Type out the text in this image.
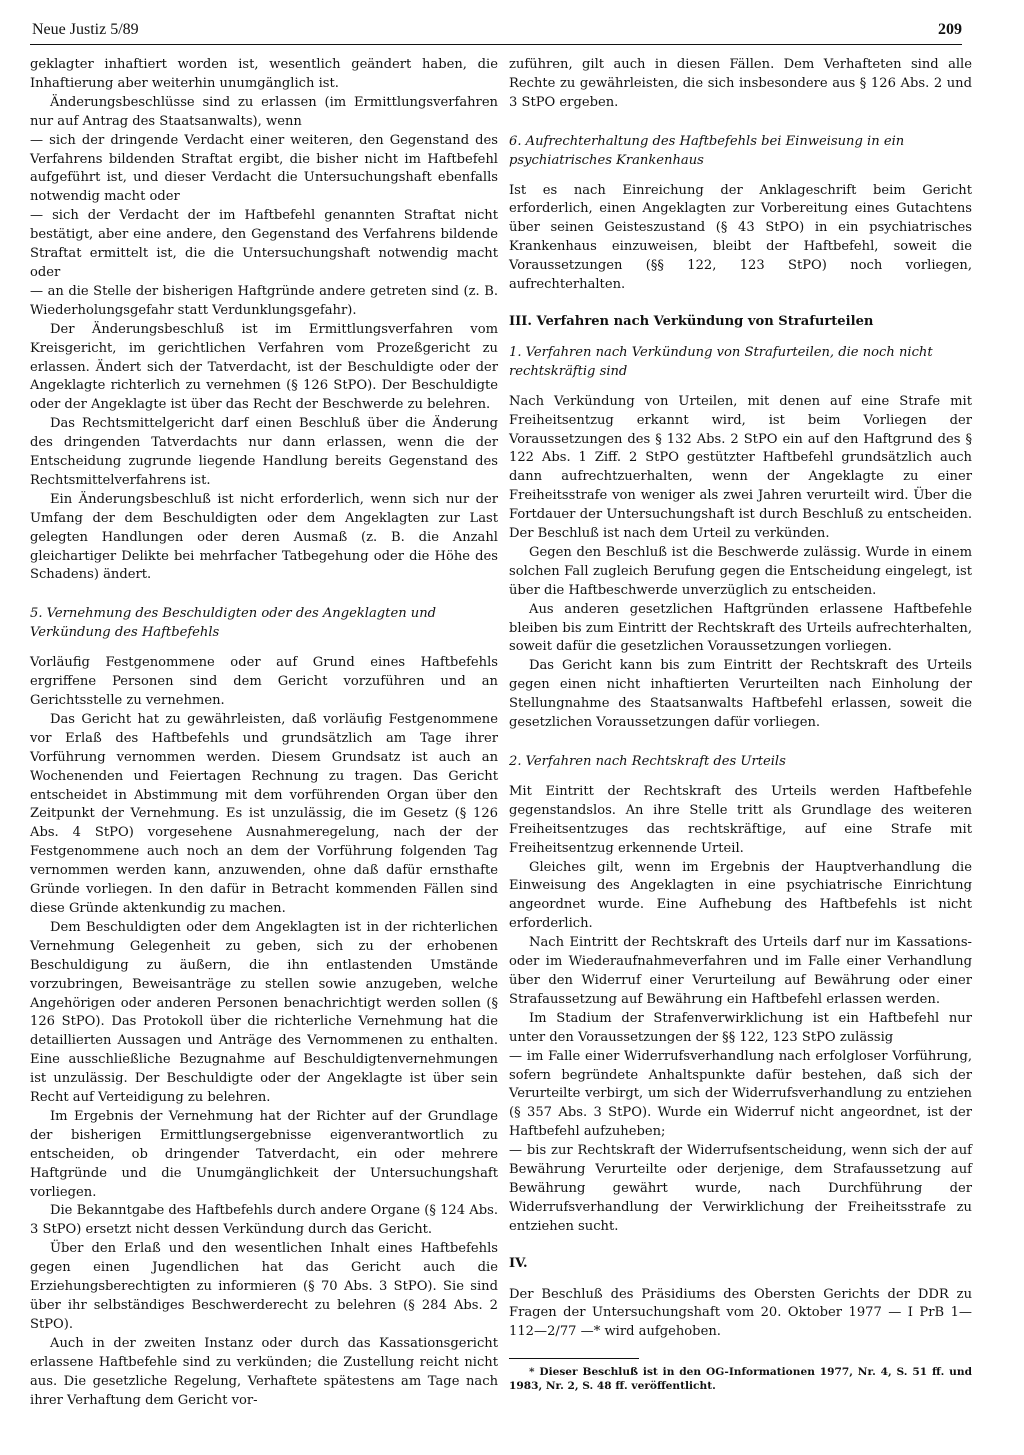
Neue Justiz 5/89	209

geklagter inhaftiert worden ist, wesentlich geändert haben, die Inhaftierung aber weiterhin unumgänglich ist.

Änderungsbeschlüsse sind zu erlassen (im Ermittlungsverfahren nur auf Antrag des Staatsanwalts), wenn

— sich der dringende Verdacht einer weiteren, den Gegenstand des Verfahrens bildenden Straftat ergibt, die bisher nicht im Haftbefehl aufgeführt ist, und dieser Verdacht die Untersuchungshaft ebenfalls notwendig macht oder

— sich der Verdacht der im Haftbefehl genannten Straftat nicht bestätigt, aber eine andere, den Gegenstand des Verfahrens bildende Straftat ermittelt ist, die die Untersuchungshaft notwendig macht oder

— an die Stelle der bisherigen Haftgründe andere getreten sind (z. B. Wiederholungsgefahr statt Verdunklungsgefahr).

Der Änderungsbeschluß ist im Ermittlungsverfahren vom Kreisgericht, im gerichtlichen Verfahren vom Prozeßgericht zu erlassen. Ändert sich der Tatverdacht, ist der Beschuldigte oder der Angeklagte richterlich zu vernehmen (§ 126 StPO). Der Beschuldigte oder der Angeklagte ist über das Recht der Beschwerde zu belehren.

Das Rechtsmittelgericht darf einen Beschluß über die Änderung des dringenden Tatverdachts nur dann erlassen, wenn die der Entscheidung zugrunde liegende Handlung bereits Gegenstand des Rechtsmittelverfahrens ist.

Ein Änderungsbeschluß ist nicht erforderlich, wenn sich nur der Umfang der dem Beschuldigten oder dem Angeklagten zur Last gelegten Handlungen oder deren Ausmaß (z. B. die Anzahl gleichartiger Delikte bei mehrfacher Tatbegehung oder die Höhe des Schadens) ändert.

5. Vernehmung des Beschuldigten oder des Angeklagten und Verkündung des Haftbefehls

Vorläufig Festgenommene oder auf Grund eines Haftbefehls ergriffene Personen sind dem Gericht vorzuführen und an Gerichtsstelle zu vernehmen.

Das Gericht hat zu gewährleisten, daß vorläufig Festgenommene vor Erlaß des Haftbefehls und grundsätzlich am Tage ihrer Vorführung vernommen werden. Diesem Grundsatz ist auch an Wochenenden und Feiertagen Rechnung zu tragen. Das Gericht entscheidet in Abstimmung mit dem vorführenden Organ über den Zeitpunkt der Vernehmung. Es ist unzulässig, die im Gesetz (§ 126 Abs. 4 StPO) vorgesehene Ausnahmeregelung, nach der der Festgenommene auch noch an dem der Vorführung folgenden Tag vernommen werden kann, anzuwenden, ohne daß dafür ernsthafte Gründe vorliegen. In den dafür in Betracht kommenden Fällen sind diese Gründe aktenkundig zu machen.

Dem Beschuldigten oder dem Angeklagten ist in der richterlichen Vernehmung Gelegenheit zu geben, sich zu der erhobenen Beschuldigung zu äußern, die ihn entlastenden Umstände vorzubringen, Beweisanträge zu stellen sowie anzugeben, welche Angehörigen oder anderen Personen benachrichtigt werden sollen (§ 126 StPO). Das Protokoll über die richterliche Vernehmung hat die detaillierten Aussagen und Anträge des Vernommenen zu enthalten. Eine ausschließliche Bezugnahme auf Beschuldigtenvernehmungen ist unzulässig. Der Beschuldigte oder der Angeklagte ist über sein Recht auf Verteidigung zu belehren.

Im Ergebnis der Vernehmung hat der Richter auf der Grundlage der bisherigen Ermittlungsergebnisse eigenverantwortlich zu entscheiden, ob dringender Tatverdacht, ein oder mehrere Haftgründe und die Unumgänglichkeit der Untersuchungshaft vorliegen.

Die Bekanntgabe des Haftbefehls durch andere Organe (§ 124 Abs. 3 StPO) ersetzt nicht dessen Verkündung durch das Gericht.

Über den Erlaß und den wesentlichen Inhalt eines Haftbefehls gegen einen Jugendlichen hat das Gericht auch die Erziehungsberechtigten zu informieren (§ 70 Abs. 3 StPO). Sie sind über ihr selbständiges Beschwerderecht zu belehren (§ 284 Abs. 2 StPO).

Auch in der zweiten Instanz oder durch das Kassationsgericht erlassene Haftbefehle sind zu verkünden; die Zustellung reicht nicht aus. Die gesetzliche Regelung, Verhaftete spätestens am Tage nach ihrer Verhaftung dem Gericht vor-

zuführen, gilt auch in diesen Fällen. Dem Verhafteten sind alle Rechte zu gewährleisten, die sich insbesondere aus § 126 Abs. 2 und 3 StPO ergeben.

6. Aufrechterhaltung des Haftbefehls bei Einweisung in ein psychiatrisches Krankenhaus

Ist es nach Einreichung der Anklageschrift beim Gericht erforderlich, einen Angeklagten zur Vorbereitung eines Gutachtens über seinen Geisteszustand (§ 43 StPO) in ein psychiatrisches Krankenhaus einzuweisen, bleibt der Haftbefehl, soweit die Voraussetzungen (§§ 122, 123 StPO) noch vorliegen, aufrechterhalten.

III. Verfahren nach Verkündung von Strafurteilen
1. Verfahren nach Verkündung von Strafurteilen, die noch nicht rechtskräftig sind

Nach Verkündung von Urteilen, mit denen auf eine Strafe mit Freiheitsentzug erkannt wird, ist beim Vorliegen der Voraussetzungen des § 132 Abs. 2 StPO ein auf den Haftgrund des § 122 Abs. 1 Ziff. 2 StPO gestützter Haftbefehl grundsätzlich auch dann aufrechtzuerhalten, wenn der Angeklagte zu einer Freiheitsstrafe von weniger als zwei Jahren verurteilt wird. Über die Fortdauer der Untersuchungshaft ist durch Beschluß zu entscheiden. Der Beschluß ist nach dem Urteil zu verkünden.

Gegen den Beschluß ist die Beschwerde zulässig. Wurde in einem solchen Fall zugleich Berufung gegen die Entscheidung eingelegt, ist über die Haftbeschwerde unverzüglich zu entscheiden.

Aus anderen gesetzlichen Haftgründen erlassene Haftbefehle bleiben bis zum Eintritt der Rechtskraft des Urteils aufrechterhalten, soweit dafür die gesetzlichen Voraussetzungen vorliegen.

Das Gericht kann bis zum Eintritt der Rechtskraft des Urteils gegen einen nicht inhaftierten Verurteilten nach Einholung der Stellungnahme des Staatsanwalts Haftbefehl erlassen, soweit die gesetzlichen Voraussetzungen dafür vorliegen.

2. Verfahren nach Rechtskraft des Urteils

Mit Eintritt der Rechtskraft des Urteils werden Haftbefehle gegenstandslos. An ihre Stelle tritt als Grundlage des weiteren Freiheitsentzuges das rechtskräftige, auf eine Strafe mit Freiheitsentzug erkennende Urteil.

Gleiches gilt, wenn im Ergebnis der Hauptverhandlung die Einweisung des Angeklagten in eine psychiatrische Einrichtung angeordnet wurde. Eine Aufhebung des Haftbefehls ist nicht erforderlich.

Nach Eintritt der Rechtskraft des Urteils darf nur im Kassations- oder im Wiederaufnahmeverfahren und im Falle einer Verhandlung über den Widerruf einer Verurteilung auf Bewährung oder einer Strafaussetzung auf Bewährung ein Haftbefehl erlassen werden.

Im Stadium der Strafenverwirklichung ist ein Haftbefehl nur unter den Voraussetzungen der §§ 122, 123 StPO zulässig

— im Falle einer Widerrufsverhandlung nach erfolgloser Vorführung, sofern begründete Anhaltspunkte dafür bestehen, daß sich der Verurteilte verbirgt, um sich der Widerrufsverhandlung zu entziehen (§ 357 Abs. 3 StPO). Wurde ein Widerruf nicht angeordnet, ist der Haftbefehl aufzuheben;

— bis zur Rechtskraft der Widerrufsentscheidung, wenn sich der auf Bewährung Verurteilte oder derjenige, dem Strafaussetzung auf Bewährung gewährt wurde, nach Durchführung der Widerrufsverhandlung der Verwirklichung der Freiheitsstrafe zu entziehen sucht.

IV.

Der Beschluß des Präsidiums des Obersten Gerichts der DDR zu Fragen der Untersuchungshaft vom 20. Oktober 1977 — I PrB 1—112—2/77 —* wird aufgehoben.

* Dieser Beschluß ist in den OG-Informationen 1977, Nr. 4, S. 51 ff. und 1983, Nr. 2, S. 48 ff. veröffentlicht.
